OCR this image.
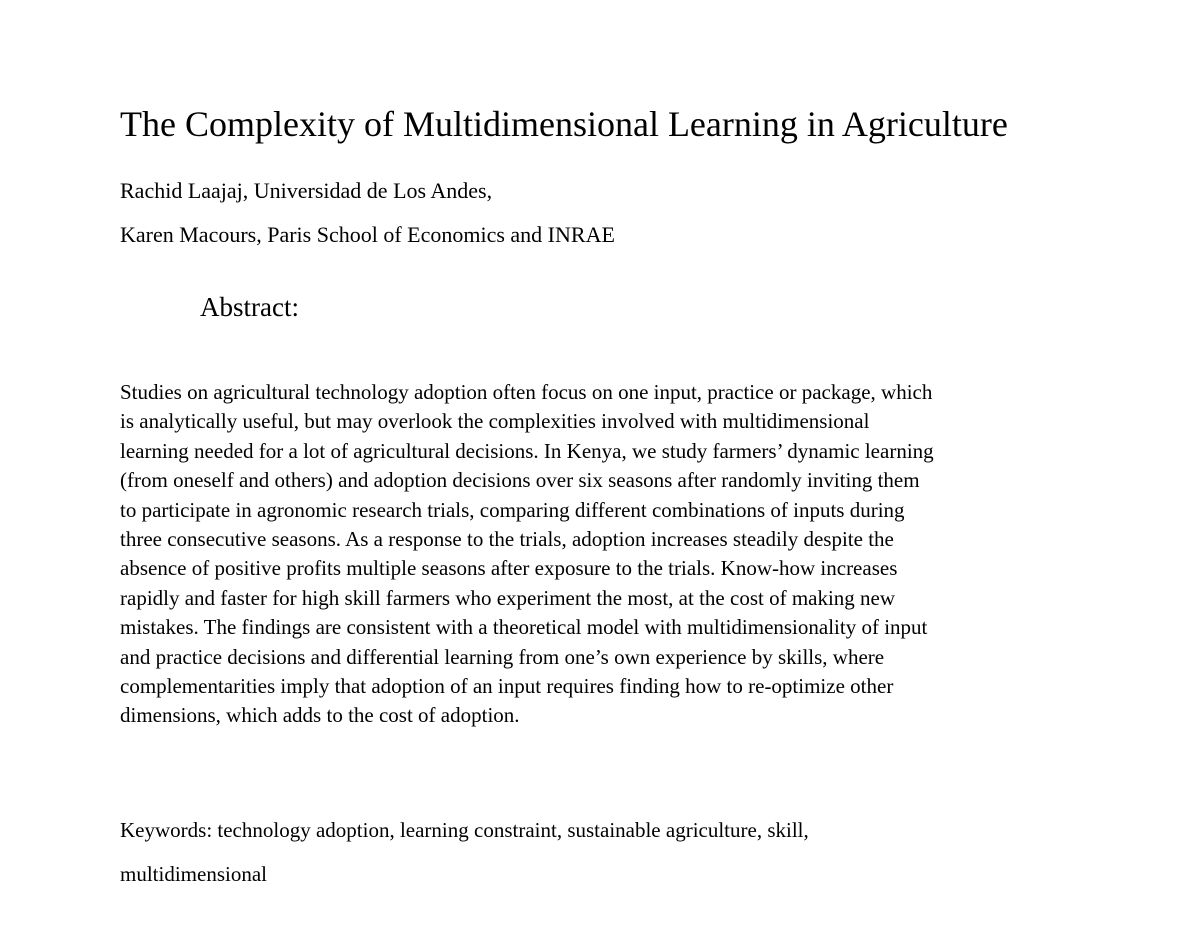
The Complexity of Multidimensional Learning in Agriculture
Rachid Laajaj, Universidad de Los Andes,
Karen Macours, Paris School of Economics and INRAE
Abstract:
Studies on agricultural technology adoption often focus on one input, practice or package, which
is analytically useful, but may overlook the complexities involved with multidimensional
learning needed for a lot of agricultural decisions. In Kenya, we study farmers’ dynamic learning
(from oneself and others) and adoption decisions over six seasons after randomly inviting them
to participate in agronomic research trials, comparing different combinations of inputs during
three consecutive seasons. As a response to the trials, adoption increases steadily despite the
absence of positive profits multiple seasons after exposure to the trials. Know-how increases
rapidly and faster for high skill farmers who experiment the most, at the cost of making new
mistakes. The findings are consistent with a theoretical model with multidimensionality of input
and practice decisions and differential learning from one’s own experience by skills, where
complementarities imply that adoption of an input requires finding how to re-optimize other
dimensions, which adds to the cost of adoption.
Keywords: technology adoption, learning constraint, sustainable agriculture, skill,
multidimensional
